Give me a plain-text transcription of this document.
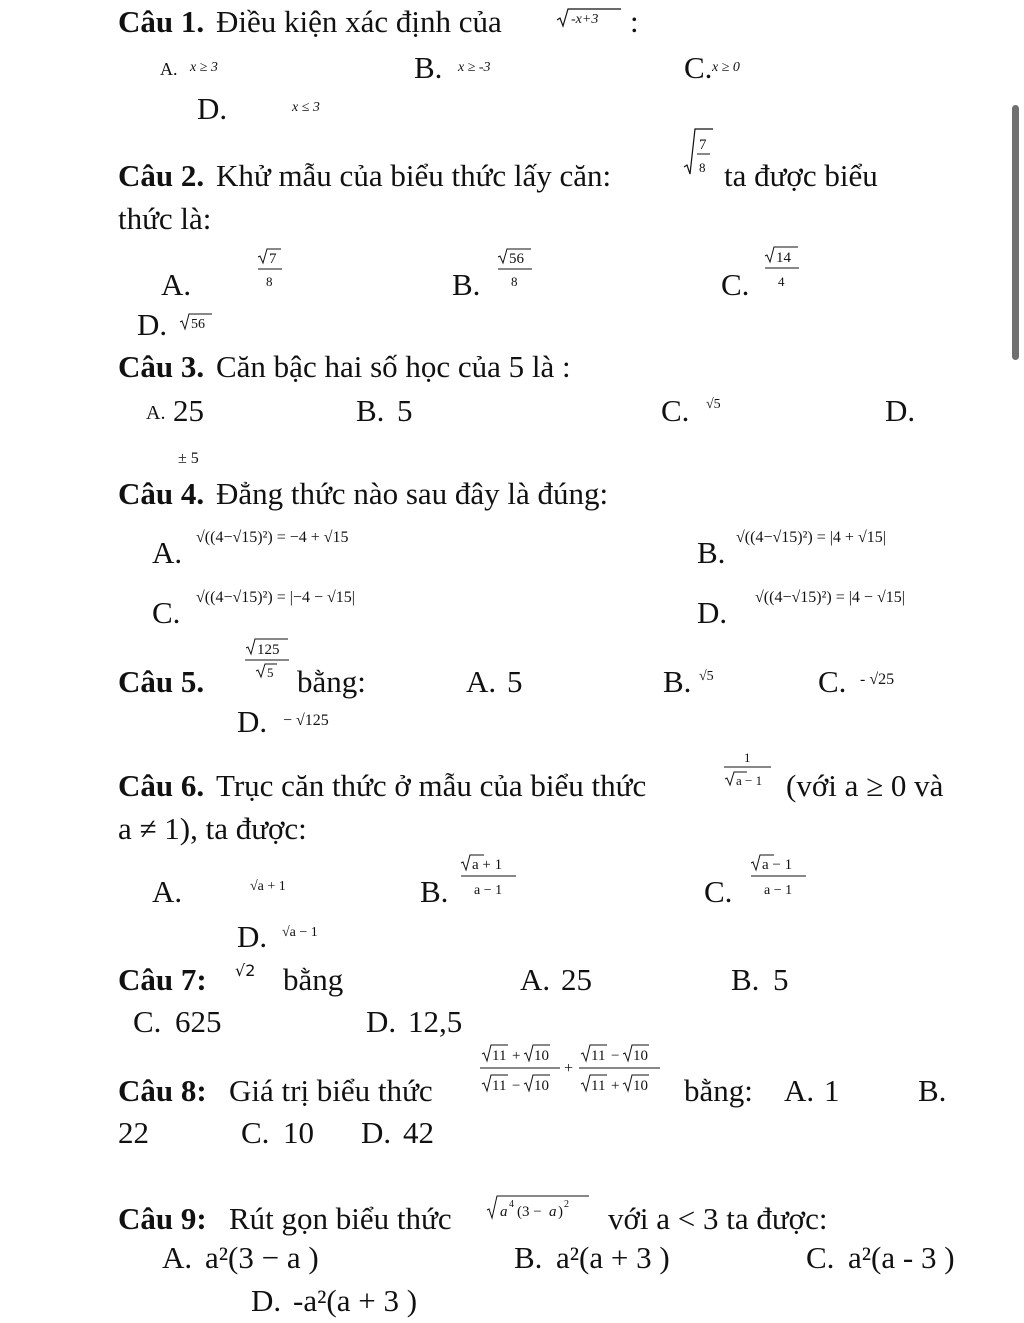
Câu 1. Điều kiện xác định của	-x+3 :
A. x ≥ 3	B. x ≥ -3	C. x ≥ 0
D.	x ≤ 3
Câu 2. Khử mẫu của biểu thức lấy căn:
7
8 ta được biểu
thức là:
A.
7
8	B.
56
8	C.
14
4
D. 56
Câu 3. Căn bậc hai số học của 5 là :
A. 25	B. 5	C. √5	D.
± 5
Câu 4. Đẳng thức nào sau đây là đúng:
A. √((4−√15)²) = −4 + √15	B. √((4−√15)²) = |4 + √15|
C. √((4−√15)²) = |−4 − √15|	D. √((4−√15)²) = |4 − √15|
Câu 5.
125
5 bằng:	A. 5	B. √5	C. - √25
D. − √125
Câu 6. Trục căn thức ở mẫu của biểu thức
1
a − 1 (với a ≥ 0 và
a ≠ 1), ta được:
A.	√a + 1	B.
a + 1
a − 1	C.
a − 1
a − 1
D. √a − 1
Câu 7: √2 bằng	A. 25	B. 5
C. 625	D. 12,5
Câu 8: Giá trị biểu thức
11 + 10
11 − 10
+
11 − 10
11 + 10 bằng: A. 1	B.
22	C. 10 D. 42
Câu 9: Rút gọn biểu thức	a 4 (3 − a ) 2 với a < 3 ta được:
A. a²(3 − a )	B. a²(a + 3 )	C. a²(a - 3 )
D. -a²(a + 3 )
